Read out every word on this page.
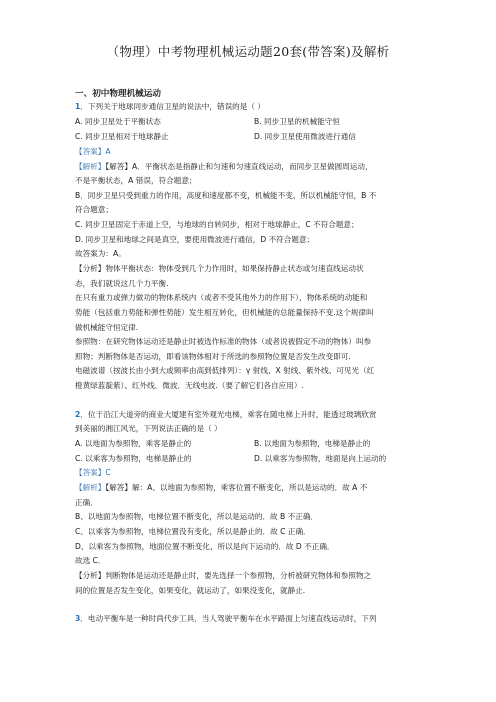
（物理）中考物理机械运动题20套(带答案)及解析
一、初中物理机械运动
1．下列关于地球同步通信卫星的说法中，错误的是（ ）
A. 同步卫星处于平衡状态	B. 同步卫星的机械能守恒
C. 同步卫星相对于地球静止	D. 同步卫星使用微波进行通信
【答案】A
【解析】【解答】A．平衡状态是指静止和匀速和匀速直线运动，而同步卫星做圆周运动，
不是平衡状态，A 错误，符合题意；
B．同步卫星只受到重力的作用，高度和速度都不变，机械能不变，所以机械能守恒，B 不
符合题意；
C. 同步卫星固定于赤道上空，与地球的自转同步，相对于地球静止，C 不符合题意；
D. 同步卫星和地球之间是真空，要使用微波进行通信，D 不符合题意；
故答案为：A。
【分析】物体平衡状态：物体受到几个力作用时，如果保持静止状态或匀速直线运动状
态，我们就说这几个力平衡.
在只有重力或弹力做功的物体系统内（或者不受其他外力的作用下），物体系统的动能和
势能（包括重力势能和弹性势能）发生相互转化，但机械能的总能量保持不变.这个规律叫
做机械能守恒定律.
参照物：在研究物体运动还是静止时被选作标准的物体（或者说被假定不动的物体）叫参
照物；判断物体是否运动，即看该物体相对于所选的参照物位置是否发生改变即可.
电磁波谱（按波长由小到大或频率由高到低排列）：γ 射线、X 射线、紫外线、可见光（红
橙黄绿蓝靛紫）、红外线．微波．无线电波.（要了解它们各自应用）.
2．位于沿江大道旁的商业大厦建有室外观光电梯，乘客在随电梯上升时，能透过玻璃欣赏
到美丽的湘江风光，下列说法正确的是（ ）
A. 以地面为参照物，乘客是静止的	B. 以地面为参照物，电梯是静止的
C. 以乘客为参照物，电梯是静止的	D. 以乘客为参照物，地面是向上运动的
【答案】C
【解析】【解答】解：A、以地面为参照物，乘客位置不断变化，所以是运动的．故 A 不
正确．
B、以地面为参照物，电梯位置不断变化，所以是运动的．故 B 不正确．
C、以乘客为参照物，电梯位置没有变化，所以是静止的．故 C 正确．
D、以乘客为参照物，地面位置不断变化，所以是向下运动的．故 D 不正确．
故选 C．
【分析】判断物体是运动还是静止时，要先选择一个参照物，分析被研究物体和参照物之
间的位置是否发生变化，如果变化，就运动了，如果没变化，就静止.
3．电动平衡车是一种时尚代步工具．当人驾驶平衡车在水平路面上匀速直线运动时，下列
